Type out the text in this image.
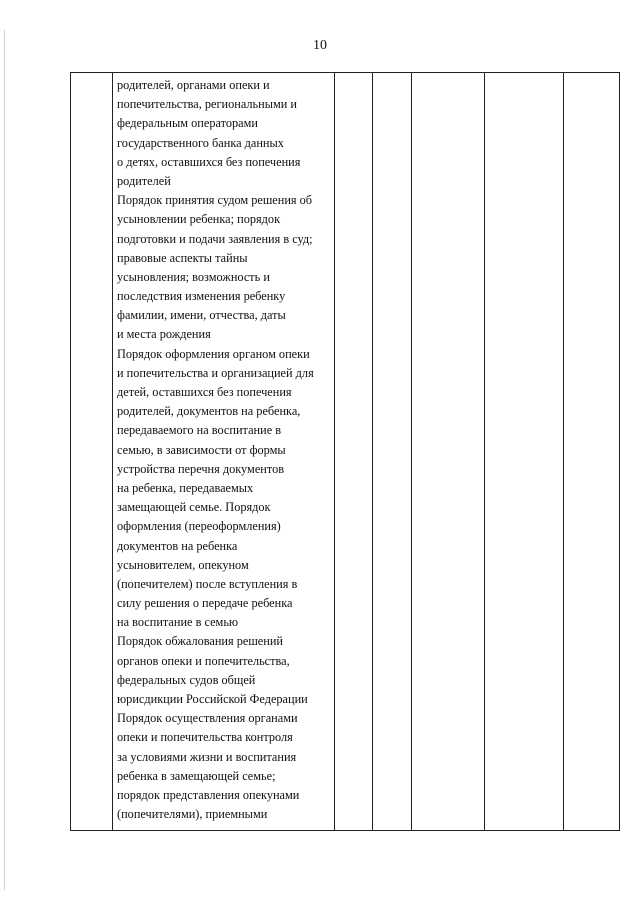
10
родителей, органами опеки и
попечительства, региональными и
федеральным операторами
государственного банка данных
о детях, оставшихся без попечения
родителей
Порядок принятия судом решения об
усыновлении ребенка; порядок
подготовки и подачи заявления в суд;
правовые аспекты тайны
усыновления; возможность и
последствия изменения ребенку
фамилии, имени, отчества, даты
и места рождения
Порядок оформления органом опеки
и попечительства и организацией для
детей, оставшихся без попечения
родителей, документов на ребенка,
передаваемого на воспитание в
семью, в зависимости от формы
устройства перечня документов
на ребенка, передаваемых
замещающей семье. Порядок
оформления (переоформления)
документов на ребенка
усыновителем, опекуном
(попечителем) после вступления в
силу решения о передаче ребенка
на воспитание в семью
Порядок обжалования решений
органов опеки и попечительства,
федеральных судов общей
юрисдикции Российской Федерации
Порядок осуществления органами
опеки и попечительства контроля
за условиями жизни и воспитания
ребенка в замещающей семье;
порядок представления опекунами
(попечителями), приемными
